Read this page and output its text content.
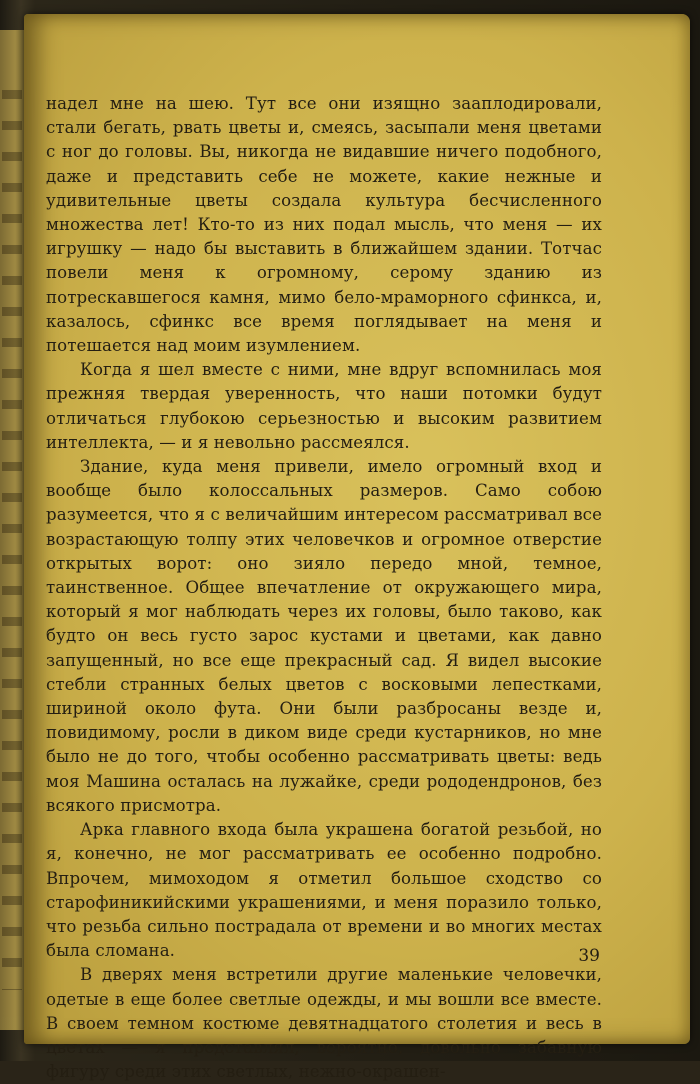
надел мне на шею. Тут все они изящно зааплодировали, стали бегать, рвать цветы и, смеясь, засыпали меня цветами с ног до головы. Вы, никогда не видавшие ничего подобного, даже и представить себе не можете, какие нежные и удивительные цветы создала культура бесчисленного множества лет! Кто-то из них подал мысль, что меня — их игрушку — надо бы выставить в ближайшем здании. Тотчас повели меня к огромному, серому зданию из потрескавшегося камня, мимо бело-мраморного сфинкса, и, казалось, сфинкс все время поглядывает на меня и потешается над моим изумлением.

Когда я шел вместе с ними, мне вдруг вспомнилась моя прежняя твердая уверенность, что наши потомки будут отличаться глубокою серьезностью и высоким развитием интеллекта, — и я невольно рассмеялся.

Здание, куда меня привели, имело огромный вход и вообще было колоссальных размеров. Само собою разумеется, что я с величайшим интересом рассматривал все возрастающую толпу этих человечков и огромное отверстие открытых ворот: оно зияло передо мной, темное, таинственное. Общее впечатление от окружающего мира, который я мог наблюдать через их головы, было таково, как будто он весь густо зарос кустами и цветами, как давно запущенный, но все еще прекрасный сад. Я видел высокие стебли странных белых цветов с восковыми лепестками, шириной около фута. Они были разбросаны везде и, повидимому, росли в диком виде среди кустарников, но мне было не до того, чтобы особенно рассматривать цветы: ведь моя Машина осталась на лужайке, среди рододендронов, без всякого присмотра.

Арка главного входа была украшена богатой резьбой, но я, конечно, не мог рассматривать ее особенно подробно. Впрочем, мимоходом я отметил большое сходство со старофиникийскими украшениями, и меня поразило только, что резьба сильно пострадала от времени и во многих местах была сломана.

В дверях меня встретили другие маленькие человечки, одетые в еще более светлые одежды, и мы вошли все вместе. В своем темном костюме девятнадцатого столетия и весь в цветах — я представлял, вероятно, довольно забавную фигуру среди этих светлых, нежно-окрашен-

39
